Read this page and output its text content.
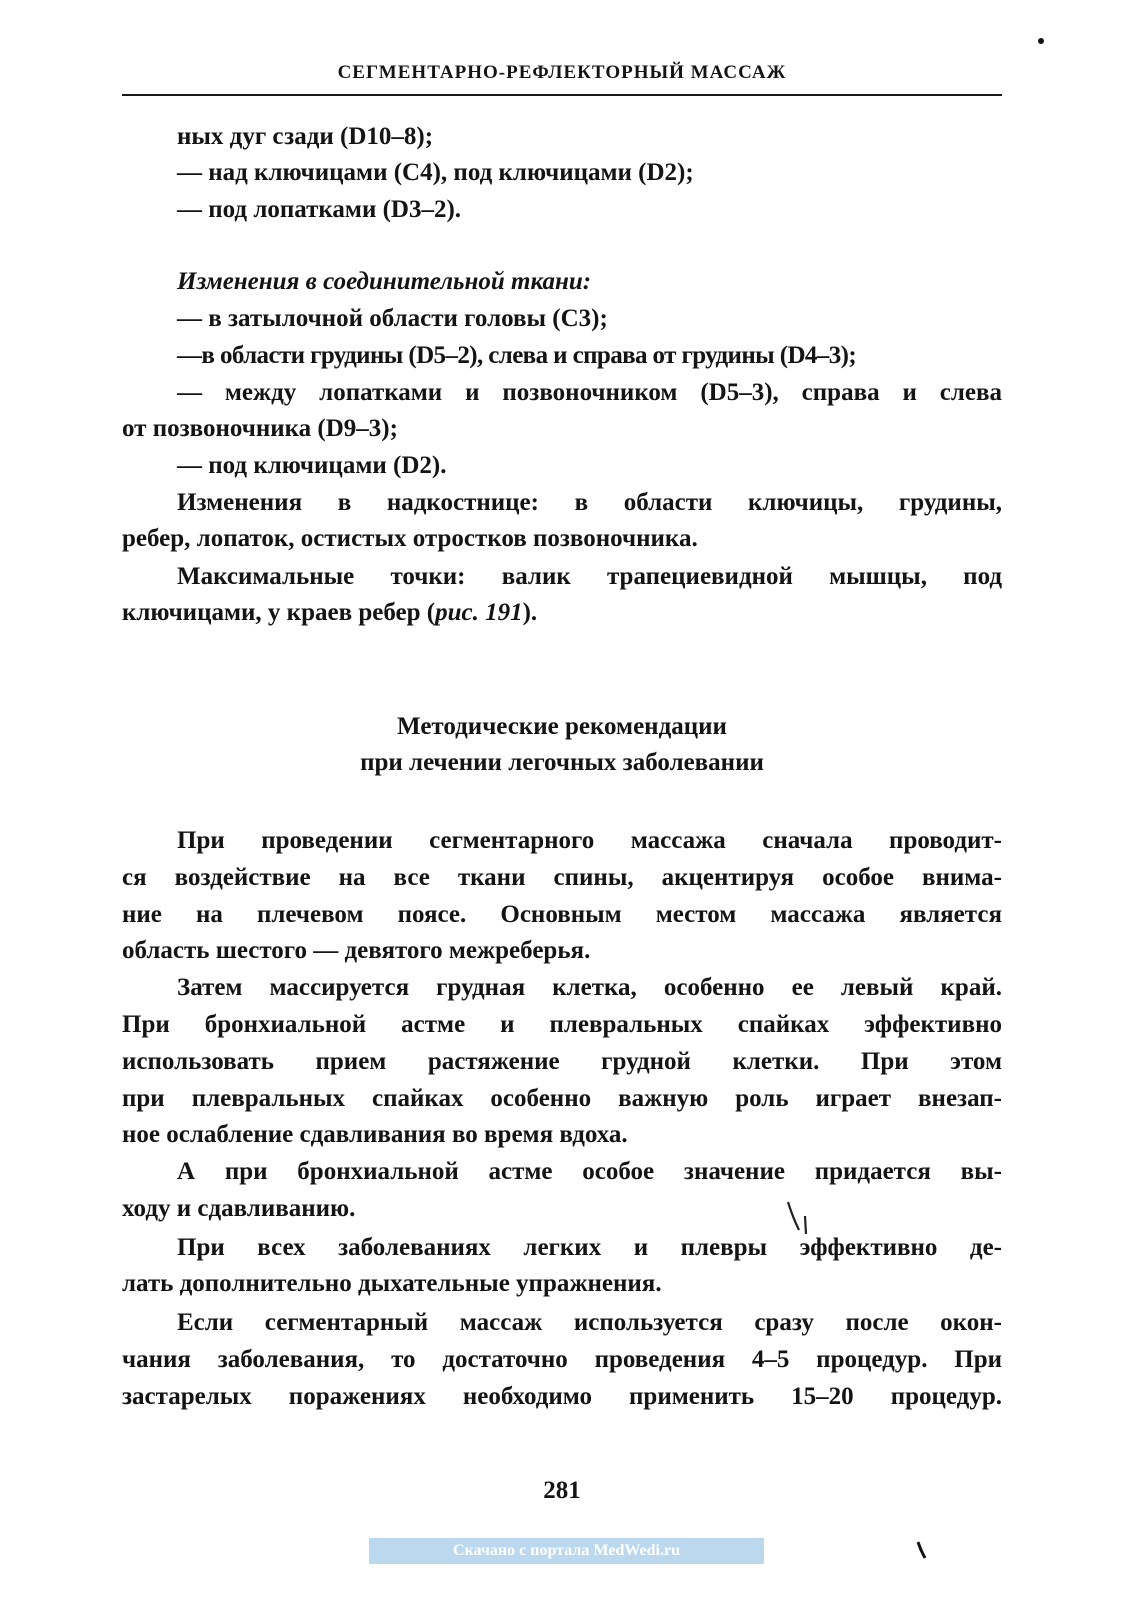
СЕГМЕНТАРНО-РЕФЛЕКТОРНЫЙ МАССАЖ
ных дуг сзади (D10–8);
— над ключицами (С4), под ключицами (D2);
— под лопатками (D3–2).
Изменения в соединительной ткани:
— в затылочной области головы (С3);
—в области грудины (D5–2), слева и справа от грудины (D4–3);
— между лопатками и позвоночником (D5–3), справа и слева
от позвоночника (D9–3);
— под ключицами (D2).
Изменения в надкостнице: в области ключицы, грудины,
ребер, лопаток, остистых отростков позвоночника.
Максимальные точки: валик трапециевидной мышцы, под
ключицами, у краев ребер (рис. 191).
Методические рекомендации
при лечении легочных заболевании
При проведении сегментарного массажа сначала проводит-
ся воздействие на все ткани спины, акцентируя особое внима-
ние на плечевом поясе. Основным местом массажа является
область шестого — девятого межреберья.
Затем массируется грудная клетка, особенно ее левый край.
При бронхиальной астме и плевральных спайках эффективно
использовать прием растяжение грудной клетки. При этом
при плевральных спайках особенно важную роль играет внезап-
ное ослабление сдавливания во время вдоха.
А при бронхиальной астме особое значение придается вы-
ходу и сдавливанию.
При всех заболеваниях легких и плевры эффективно де-
лать дополнительно дыхательные упражнения.
Если сегментарный массаж используется сразу после окон-
чания заболевания, то достаточно проведения 4–5 процедур. При
застарелых поражениях необходимо применить 15–20 процедур.
281
Скачано с портала MedWedi.ru
